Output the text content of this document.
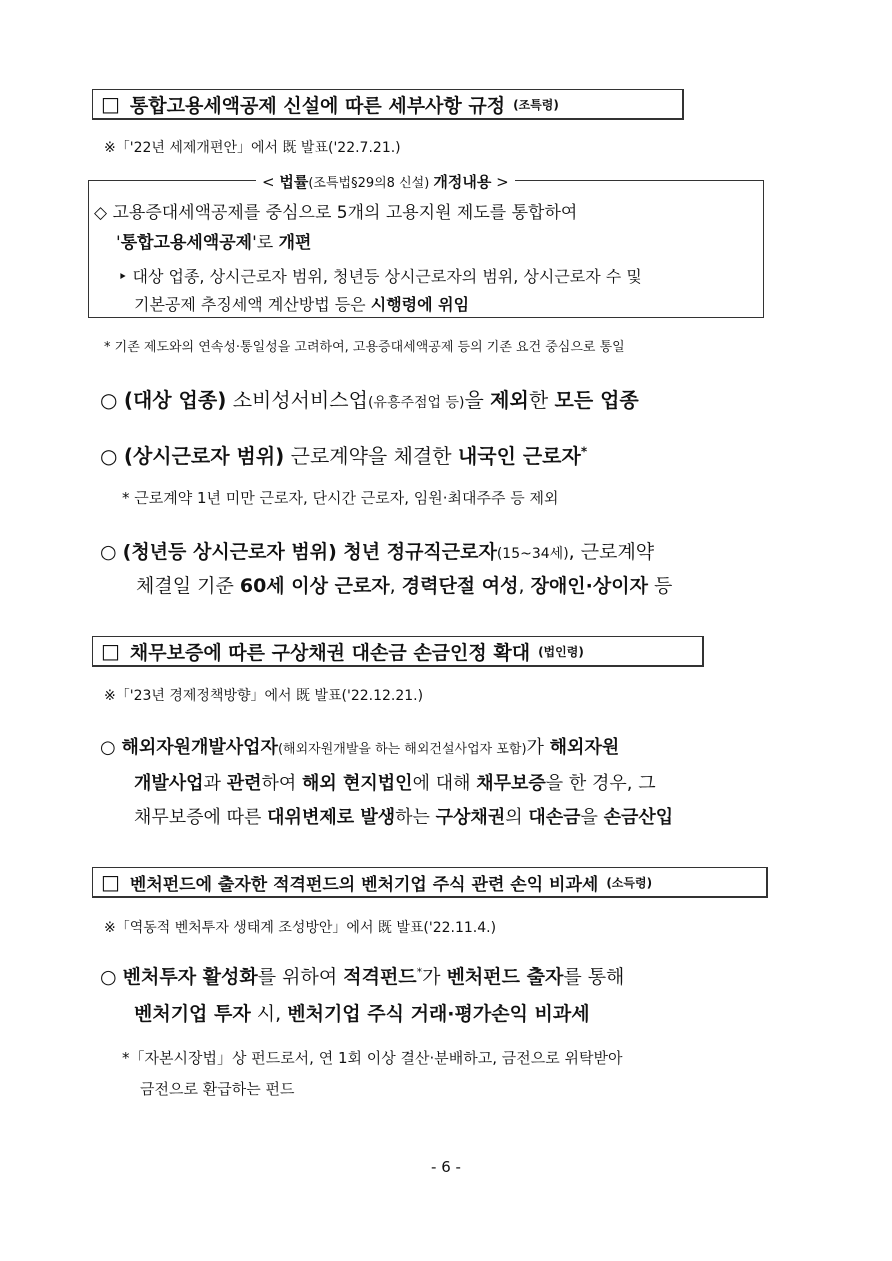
□ 통합고용세액공제 신설에 따른 세부사항 규정 (조특령)
※「'22년 세제개편안」에서 既 발표('22.7.21.)
< 법률(조특법§29의8 신설) 개정내용 >
◇ 고용증대세액공제를 중심으로 5개의 고용지원 제도를 통합하여
'통합고용세액공제'로 개편
‣ 대상 업종, 상시근로자 범위, 청년등 상시근로자의 범위, 상시근로자 수 및
기본공제 추징세액 계산방법 등은 시행령에 위임
* 기존 제도와의 연속성·통일성을 고려하여, 고용증대세액공제 등의 기존 요건 중심으로 통일
○ (대상 업종) 소비성서비스업(유흥주점업 등)을 제외한 모든 업종
○ (상시근로자 범위) 근로계약을 체결한 내국인 근로자*
* 근로계약 1년 미만 근로자, 단시간 근로자, 임원·최대주주 등 제외
○ (청년등 상시근로자 범위) 청년 정규직근로자(15~34세), 근로계약
체결일 기준 60세 이상 근로자, 경력단절 여성, 장애인·상이자 등
□ 채무보증에 따른 구상채권 대손금 손금인정 확대 (법인령)
※「'23년 경제정책방향」에서 既 발표('22.12.21.)
○ 해외자원개발사업자(해외자원개발을 하는 해외건설사업자 포함)가 해외자원
개발사업과 관련하여 해외 현지법인에 대해 채무보증을 한 경우, 그
채무보증에 따른 대위변제로 발생하는 구상채권의 대손금을 손금산입
□ 벤처펀드에 출자한 적격펀드의 벤처기업 주식 관련 손익 비과세 (소득령)
※「역동적 벤처투자 생태계 조성방안」에서 既 발표('22.11.4.)
○ 벤처투자 활성화를 위하여 적격펀드*가 벤처펀드 출자를 통해
벤처기업 투자 시, 벤처기업 주식 거래·평가손익 비과세
*「자본시장법」상 펀드로서, 연 1회 이상 결산·분배하고, 금전으로 위탁받아
금전으로 환급하는 펀드
- 6 -
